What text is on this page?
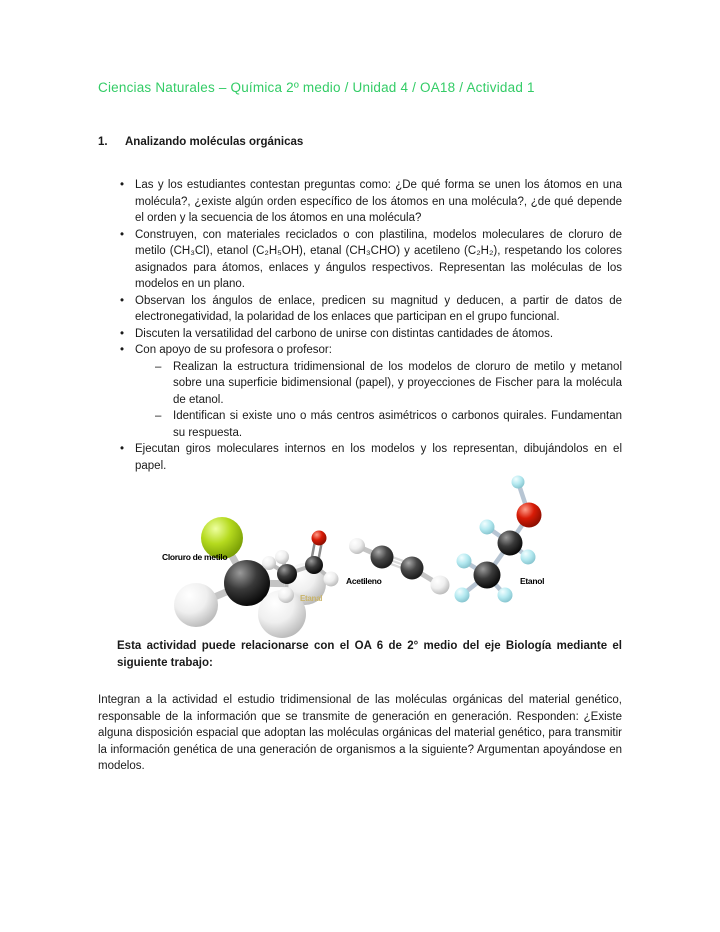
Ciencias Naturales – Química 2º medio / Unidad 4 / OA18 / Actividad 1
1.	Analizando moléculas orgánicas
• Las y los estudiantes contestan preguntas como: ¿De qué forma se unen los átomos en una molécula?, ¿existe algún orden específico de los átomos en una molécula?, ¿de qué depende el orden y la secuencia de los átomos en una molécula?
• Construyen, con materiales reciclados o con plastilina, modelos moleculares de cloruro de metilo (CH₃Cl), etanol (C₂H₅OH), etanal (CH₃CHO) y acetileno (C₂H₂), respetando los colores asignados para átomos, enlaces y ángulos respectivos. Representan las moléculas de los modelos en un plano.
• Observan los ángulos de enlace, predicen su magnitud y deducen, a partir de datos de electronegatividad, la polaridad de los enlaces que participan en el grupo funcional.
• Discuten la versatilidad del carbono de unirse con distintas cantidades de átomos.
• Con apoyo de su profesora o profesor:
– Realizan la estructura tridimensional de los modelos de cloruro de metilo y metanol sobre una superficie bidimensional (papel), y proyecciones de Fischer para la molécula de etanol.
– Identifican si existe uno o más centros asimétricos o carbonos quirales. Fundamentan su respuesta.
• Ejecutan giros moleculares internos en los modelos y los representan, dibujándolos en el papel.
Cloruro de metilo
Etanal
Acetileno	Etanol
Esta actividad puede relacionarse con el OA 6 de 2° medio del eje Biología mediante el siguiente trabajo:
Integran a la actividad el estudio tridimensional de las moléculas orgánicas del material genético, responsable de la información que se transmite de generación en generación. Responden: ¿Existe alguna disposición espacial que adoptan las moléculas orgánicas del material genético, para transmitir la información genética de una generación de organismos a la siguiente? Argumentan apoyándose en modelos.
